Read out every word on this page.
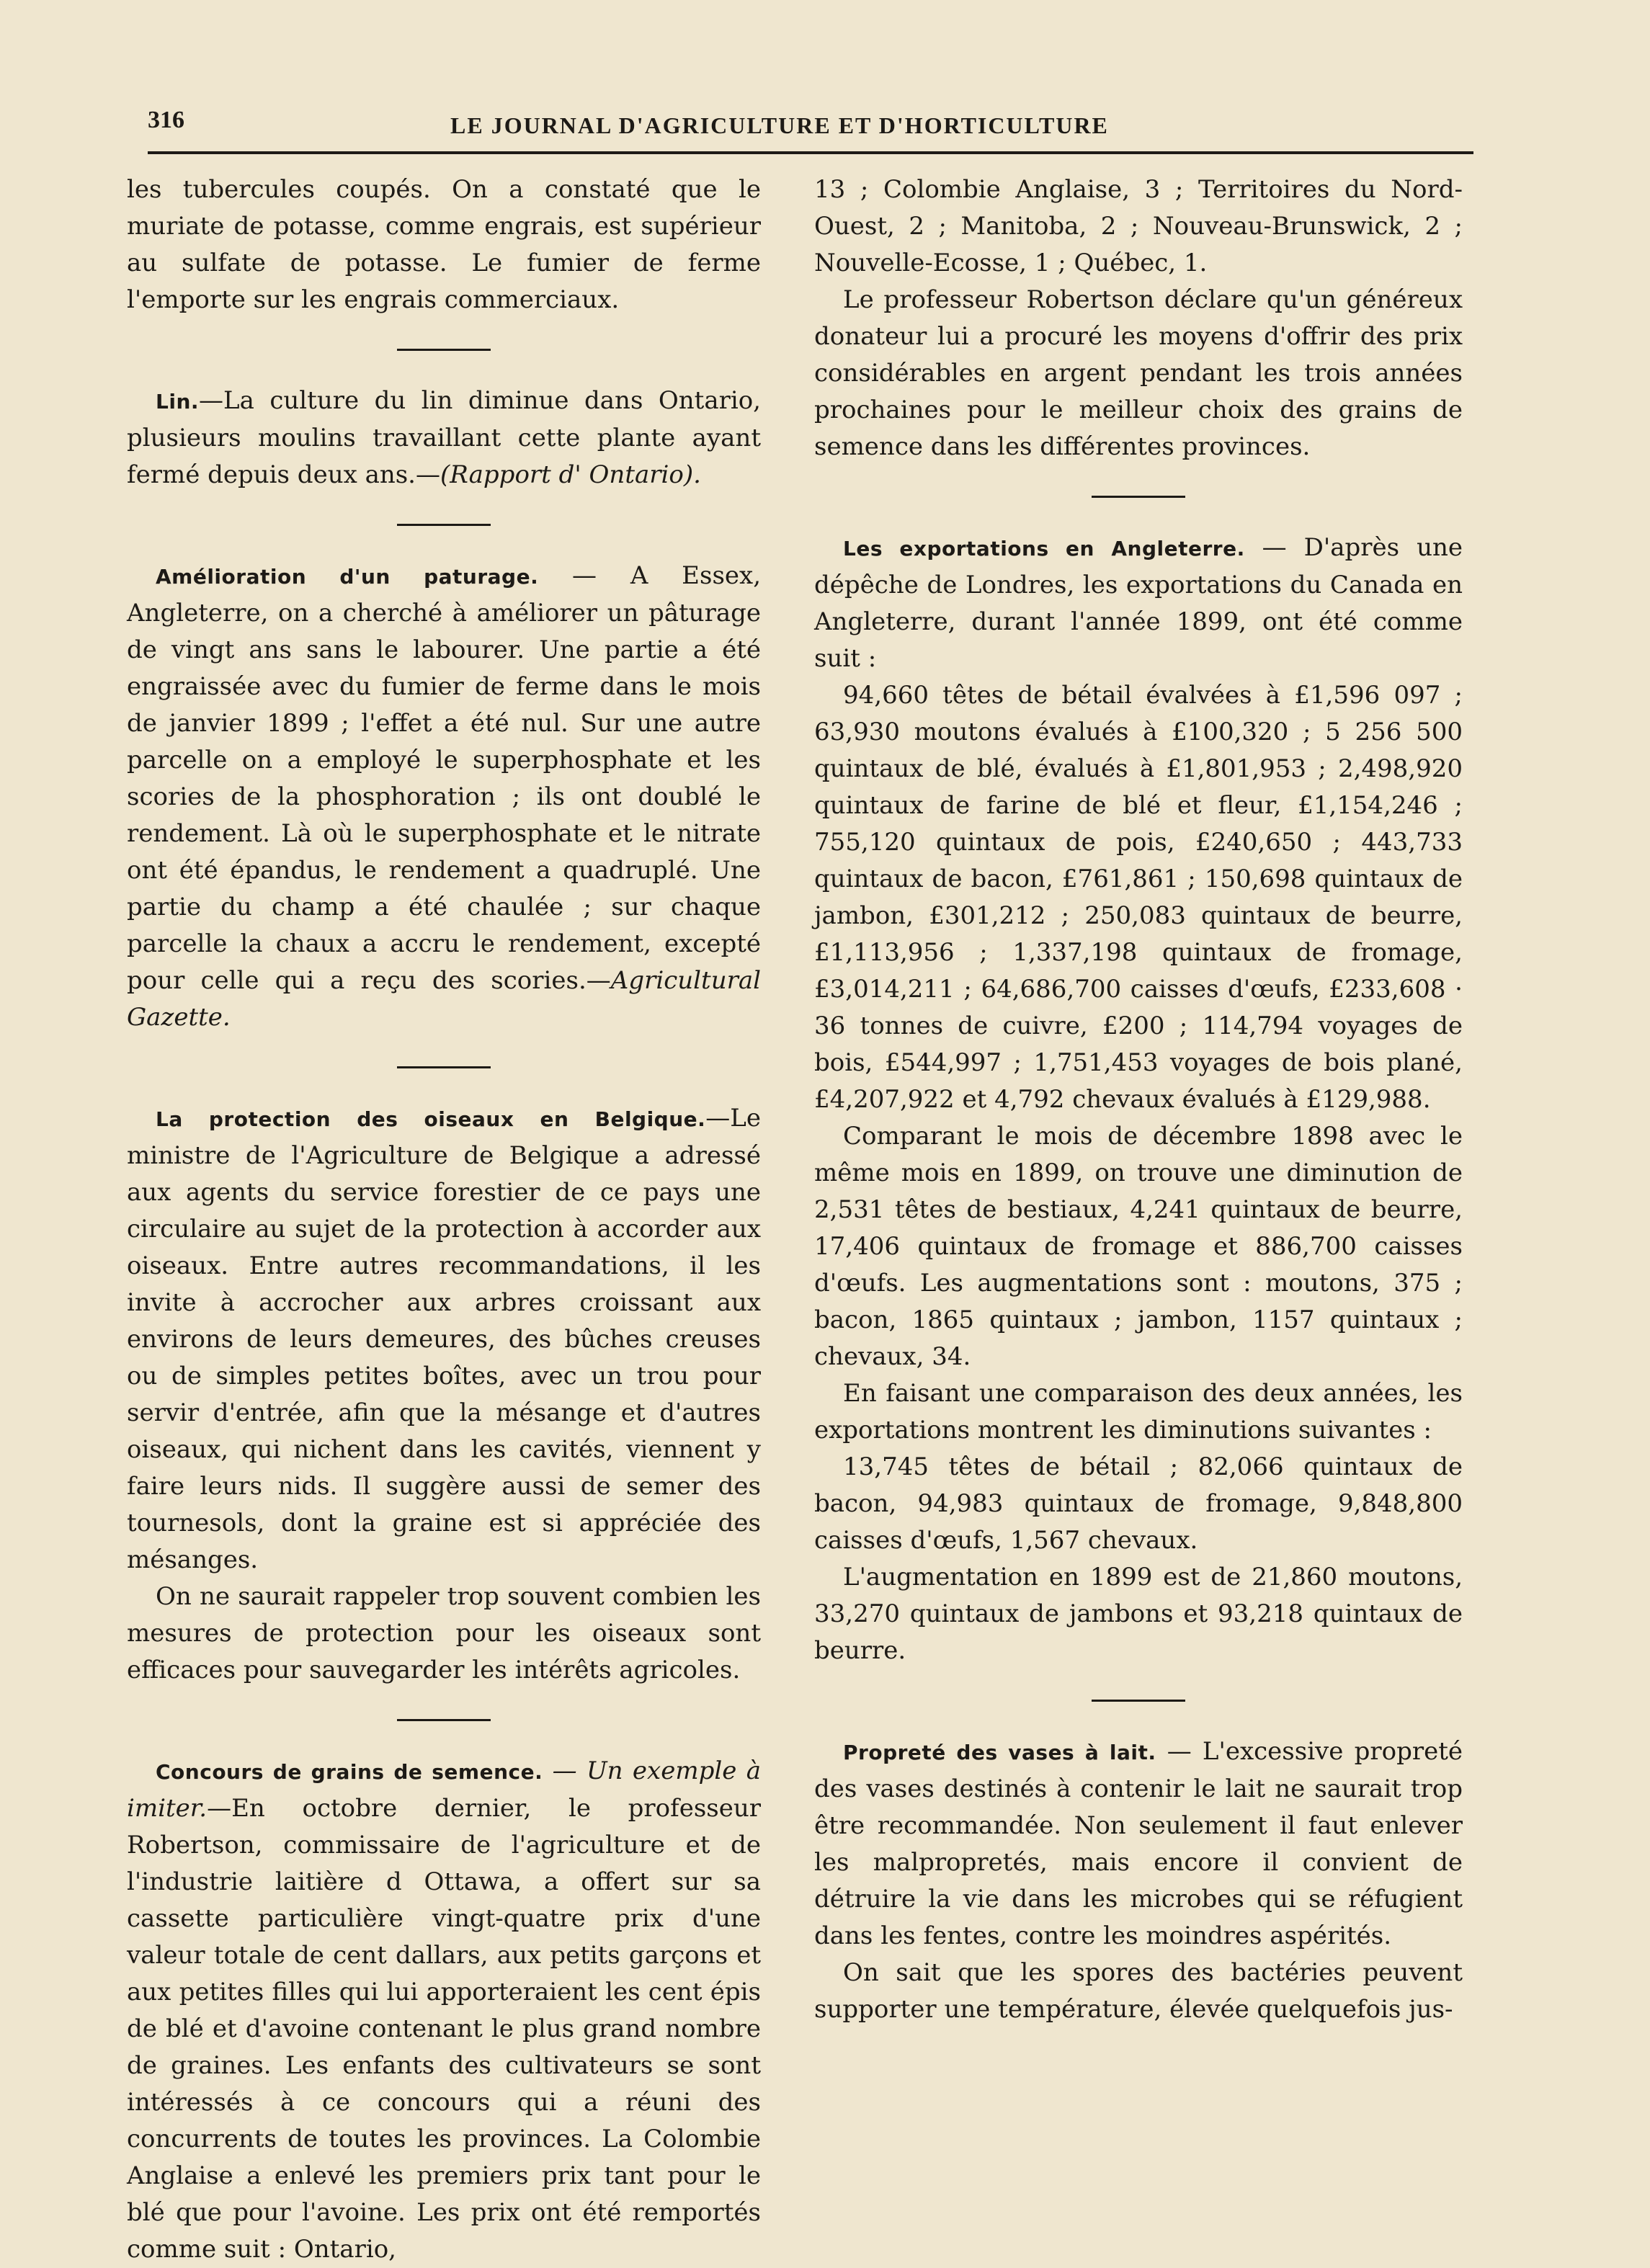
316	LE JOURNAL D'AGRICULTURE ET D'HORTICULTURE

les tubercules coupés. On a constaté que le muriate de potasse, comme engrais, est supérieur au sulfate de potasse. Le fumier de ferme l'emporte sur les engrais commerciaux.

Lin.—La culture du lin diminue dans Ontario, plusieurs moulins travaillant cette plante ayant fermé depuis deux ans.—(Rapport d' Ontario).

Amélioration d'un paturage. — A Essex, Angleterre, on a cherché à améliorer un pâturage de vingt ans sans le labourer. Une partie a été engraissée avec du fumier de ferme dans le mois de janvier 1899 ; l'effet a été nul. Sur une autre parcelle on a employé le superphosphate et les scories de la phosphoration ; ils ont doublé le rendement. Là où le superphosphate et le nitrate ont été épandus, le rendement a quadruplé. Une partie du champ a été chaulée ; sur chaque parcelle la chaux a accru le rendement, excepté pour celle qui a reçu des scories.—Agricultural Gazette.

La protection des oiseaux en Belgique.—Le ministre de l'Agriculture de Belgique a adressé aux agents du service forestier de ce pays une circulaire au sujet de la protection à accorder aux oiseaux. Entre autres recommandations, il les invite à accrocher aux arbres croissant aux environs de leurs demeures, des bûches creuses ou de simples petites boîtes, avec un trou pour servir d'entrée, afin que la mésange et d'autres oiseaux, qui nichent dans les cavités, viennent y faire leurs nids. Il suggère aussi de semer des tournesols, dont la graine est si appréciée des mésanges.

On ne saurait rappeler trop souvent combien les mesures de protection pour les oiseaux sont efficaces pour sauvegarder les intérêts agricoles.

Concours de grains de semence. — Un exemple à imiter.—En octobre dernier, le professeur Robertson, commissaire de l'agriculture et de l'industrie laitière d Ottawa, a offert sur sa cassette particulière vingt-quatre prix d'une valeur totale de cent dallars, aux petits garçons et aux petites filles qui lui apporteraient les cent épis de blé et d'avoine contenant le plus grand nombre de graines. Les enfants des cultivateurs se sont intéressés à ce concours qui a réuni des concurrents de toutes les provinces. La Colombie Anglaise a enlevé les premiers prix tant pour le blé que pour l'avoine. Les prix ont été remportés comme suit : Ontario,

13 ; Colombie Anglaise, 3 ; Territoires du Nord-Ouest, 2 ; Manitoba, 2 ; Nouveau-Brunswick, 2 ; Nouvelle-Ecosse, 1 ; Québec, 1.

Le professeur Robertson déclare qu'un généreux donateur lui a procuré les moyens d'offrir des prix considérables en argent pendant les trois années prochaines pour le meilleur choix des grains de semence dans les différentes provinces.

Les exportations en Angleterre. — D'après une dépêche de Londres, les exportations du Canada en Angleterre, durant l'année 1899, ont été comme suit :

94,660 têtes de bétail évalvées à £1,596 097 ; 63,930 moutons évalués à £100,320 ; 5 256 500 quintaux de blé, évalués à £1,801,953 ; 2,498,920 quintaux de farine de blé et fleur, £1,154,246 ; 755,120 quintaux de pois, £240,650 ; 443,733 quintaux de bacon, £761,861 ; 150,698 quintaux de jambon, £301,212 ; 250,083 quintaux de beurre, £1,113,956 ; 1,337,198 quintaux de fromage, £3,014,211 ; 64,686,700 caisses d'œufs, £233,608 · 36 tonnes de cuivre, £200 ; 114,794 voyages de bois, £544,997 ; 1,751,453 voyages de bois plané, £4,207,922 et 4,792 chevaux évalués à £129,988.

Comparant le mois de décembre 1898 avec le même mois en 1899, on trouve une diminution de 2,531 têtes de bestiaux, 4,241 quintaux de beurre, 17,406 quintaux de fromage et 886,700 caisses d'œufs. Les augmentations sont : moutons, 375 ; bacon, 1865 quintaux ; jambon, 1157 quintaux ; chevaux, 34.

En faisant une comparaison des deux années, les exportations montrent les diminutions suivantes :

13,745 têtes de bétail ; 82,066 quintaux de bacon, 94,983 quintaux de fromage, 9,848,800 caisses d'œufs, 1,567 chevaux.

L'augmentation en 1899 est de 21,860 moutons, 33,270 quintaux de jambons et 93,218 quintaux de beurre.

Propreté des vases à lait. — L'excessive propreté des vases destinés à contenir le lait ne saurait trop être recommandée. Non seulement il faut enlever les malpropretés, mais encore il convient de détruire la vie dans les microbes qui se réfugient dans les fentes, contre les moindres aspérités.

On sait que les spores des bactéries peuvent supporter une température, élevée quelquefois jus-
